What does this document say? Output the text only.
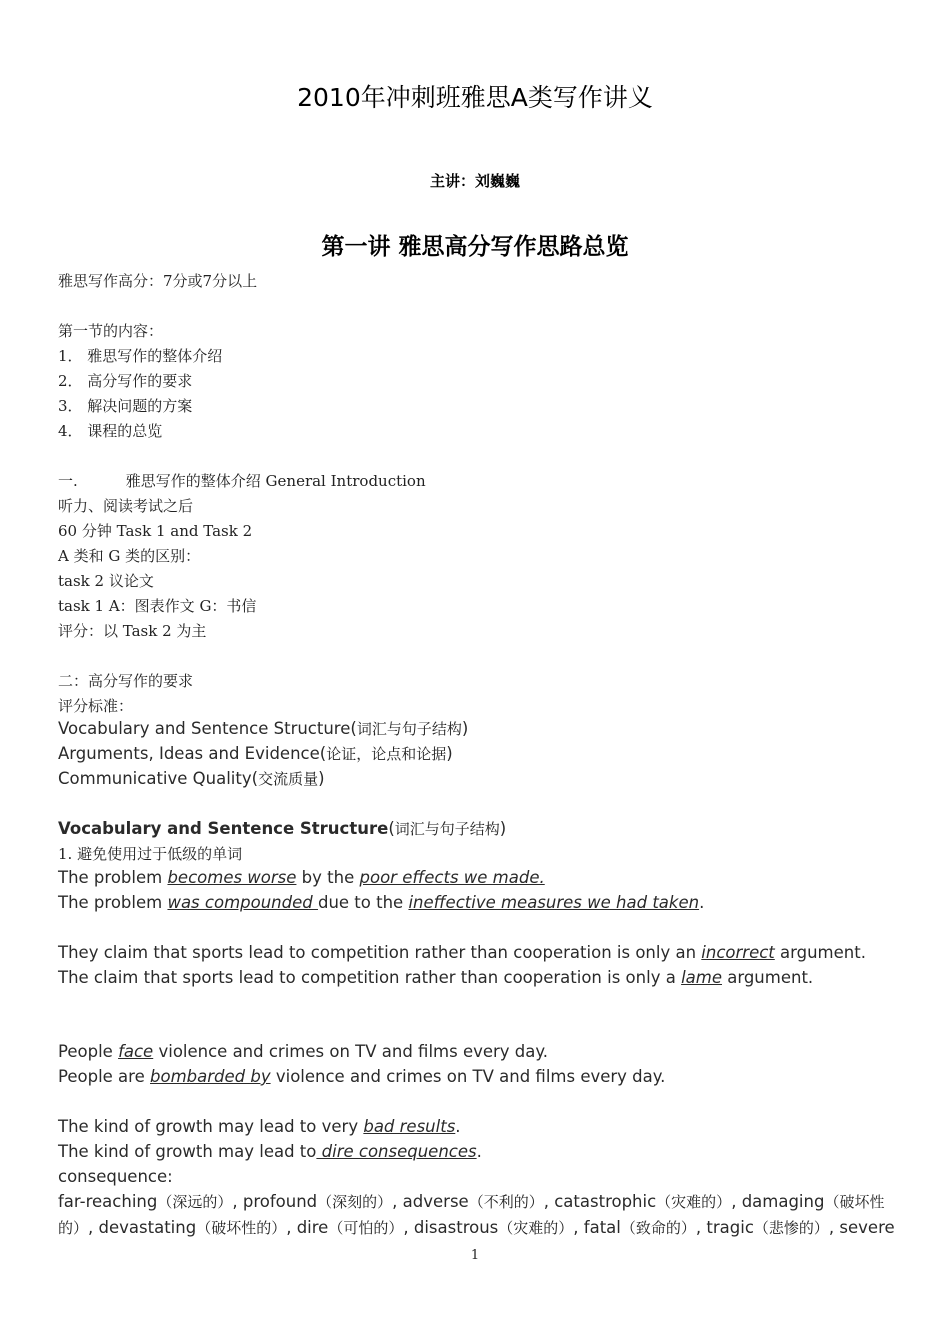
2010年冲刺班雅思A类写作讲义
主讲：刘巍巍
第一讲 雅思高分写作思路总览
雅思写作高分：7分或7分以上
第一节的内容：
1． 雅思写作的整体介绍
2． 高分写作的要求
3． 解决问题的方案
4． 课程的总览
一.	雅思写作的整体介绍 General Introduction
听力、阅读考试之后
60 分钟 Task 1 and Task 2
A 类和 G 类的区别：
task 2 议论文
task 1 A：图表作文 G：书信
评分：以 Task 2 为主
二：高分写作的要求
评分标准：
Vocabulary and Sentence Structure(词汇与句子结构)
Arguments, Ideas and Evidence(论证，论点和论据)
Communicative Quality(交流质量)
Vocabulary and Sentence Structure(词汇与句子结构)
1. 避免使用过于低级的单词
The problem becomes worse by the poor effects we made.
The problem was compounded due to the ineffective measures we had taken.
They claim that sports lead to competition rather than cooperation is only an incorrect argument.
The claim that sports lead to competition rather than cooperation is only a lame argument.
People face violence and crimes on TV and films every day.
People are bombarded by violence and crimes on TV and films every day.
The kind of growth may lead to very bad results.
The kind of growth may lead to dire consequences.
consequence:
far-reaching（深远的）, profound（深刻的）, adverse（不利的）, catastrophic（灾难的）, damaging（破坏性的）, devastating（破坏性的）, dire（可怕的）, disastrous（灾难的）, fatal（致命的）, tragic（悲惨的）, severe
1
